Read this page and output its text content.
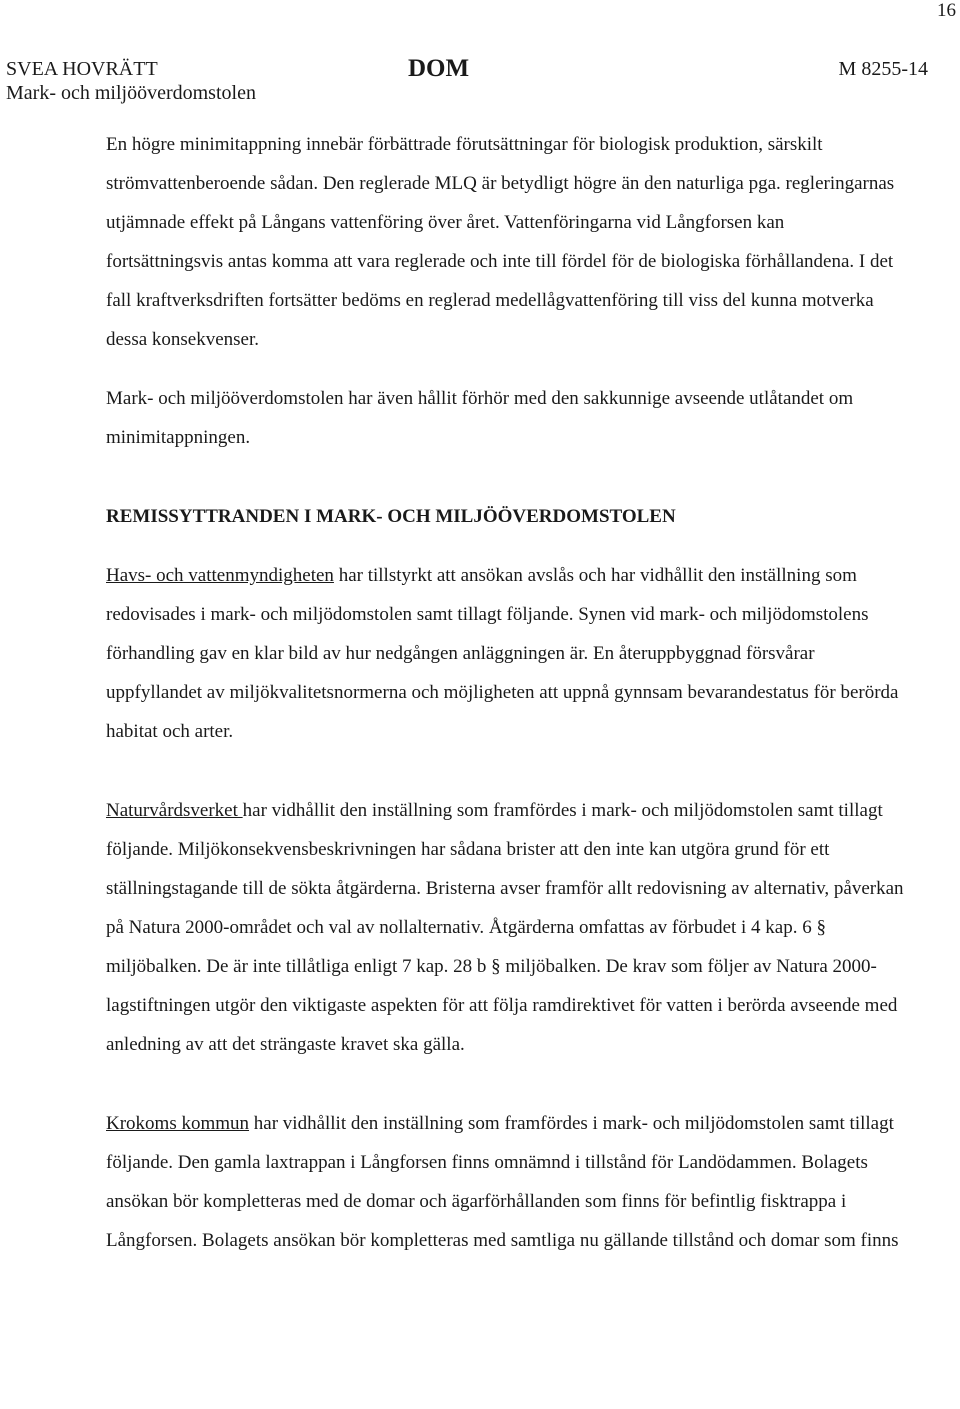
16
SVEA HOVRÄTT
Mark- och miljööverdomstolen
DOM	M 8255-14

En högre minimitappning innebär förbättrade förutsättningar för biologisk produktion, särskilt strömvattenberoende sådan. Den reglerade MLQ är betydligt högre än den naturliga pga. regleringarnas utjämnade effekt på Långans vattenföring över året. Vattenföringarna vid Långforsen kan fortsättningsvis antas komma att vara reglerade och inte till fördel för de biologiska förhållandena. I det fall kraftverksdriften fortsätter bedöms en reglerad medellågvattenföring till viss del kunna motverka dessa konsekvenser.

Mark- och miljööverdomstolen har även hållit förhör med den sakkunnige avseende utlåtandet om minimitappningen.

REMISSYTTRANDEN I MARK- OCH MILJÖÖVERDOMSTOLEN

Havs- och vattenmyndigheten har tillstyrkt att ansökan avslås och har vidhållit den inställning som redovisades i mark- och miljödomstolen samt tillagt följande. Synen vid mark- och miljödomstolens förhandling gav en klar bild av hur nedgången anläggningen är. En återuppbyggnad försvårar uppfyllandet av miljökvalitetsnormerna och möjligheten att uppnå gynnsam bevarandestatus för berörda habitat och arter.

Naturvårdsverket har vidhållit den inställning som framfördes i mark- och miljödomstolen samt tillagt följande. Miljökonsekvensbeskrivningen har sådana brister att den inte kan utgöra grund för ett ställningstagande till de sökta åtgärderna. Bristerna avser framför allt redovisning av alternativ, påverkan på Natura 2000-området och val av nollalternativ. Åtgärderna omfattas av förbudet i 4 kap. 6 § miljöbalken. De är inte tillåtliga enligt 7 kap. 28 b § miljöbalken. De krav som följer av Natura 2000-lagstiftningen utgör den viktigaste aspekten för att följa ramdirektivet för vatten i berörda avseende med anledning av att det strängaste kravet ska gälla.

Krokoms kommun har vidhållit den inställning som framfördes i mark- och miljödomstolen samt tillagt följande. Den gamla laxtrappan i Långforsen finns omnämnd i tillstånd för Landödammen. Bolagets ansökan bör kompletteras med de domar och ägarförhållanden som finns för befintlig fisktrappa i Långforsen. Bolagets ansökan bör kompletteras med samtliga nu gällande tillstånd och domar som finns
